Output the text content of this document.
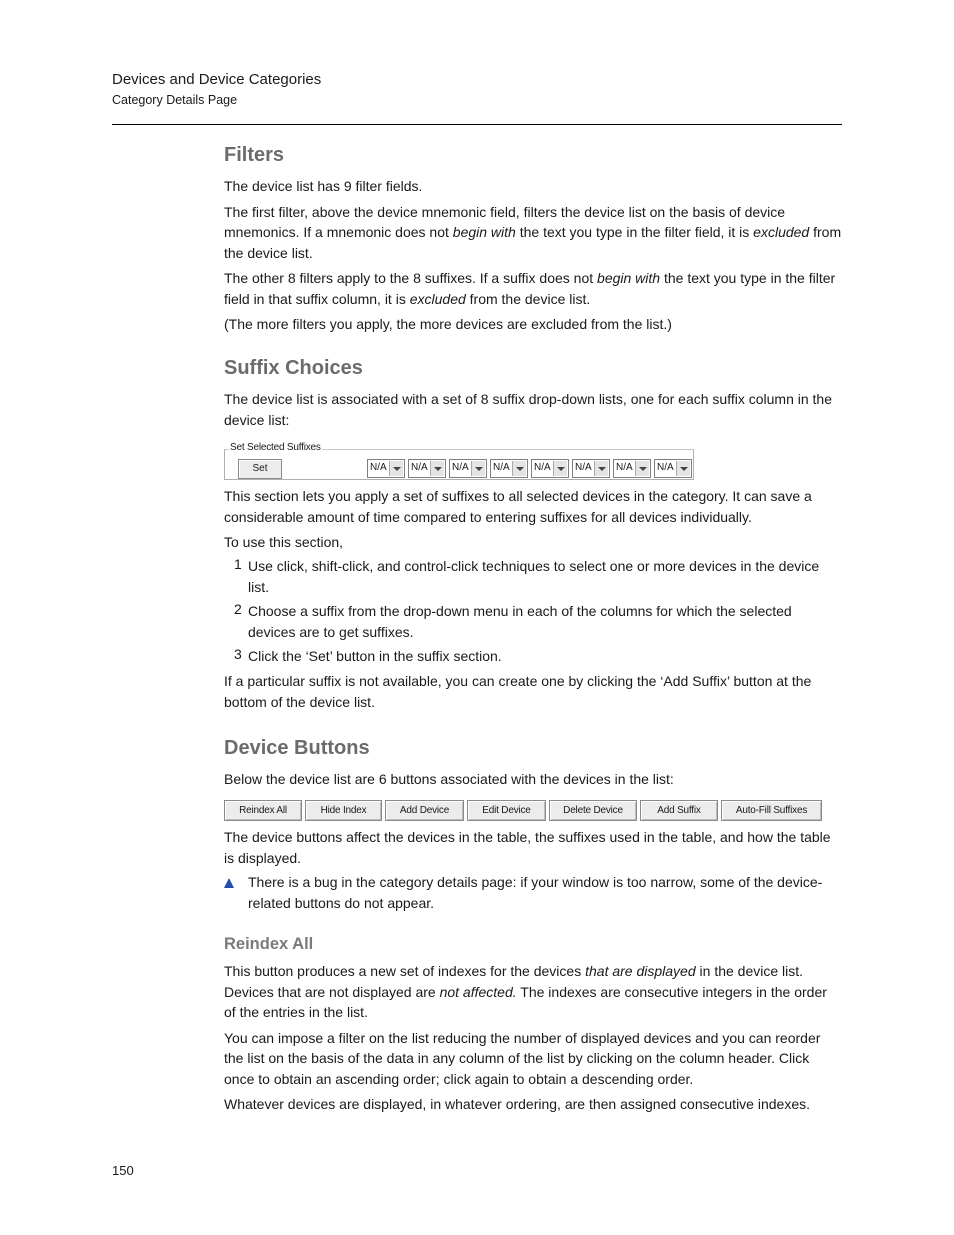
Devices and Device Categories
Category Details Page
Filters

The device list has 9 filter fields.

The first filter, above the device mnemonic field, filters the device list on the basis of device mnemonics. If a mnemonic does not begin with the text you type in the filter field, it is excluded from the device list.

The other 8 filters apply to the 8 suffixes. If a suffix does not begin with the text you type in the filter field in that suffix column, it is excluded from the device list.

(The more filters you apply, the more devices are excluded from the list.)

Suffix Choices
The device list is associated with a set of 8 suffix drop-down lists, one for each suffix column in the device list:
Set	N/A N/A N/A N/A N/A N/A N/A N/A
Set Selected Suffixes

This section lets you apply a set of suffixes to all selected devices in the category. It can save a considerable amount of time compared to entering suffixes for all devices individually.

To use this section,

1 Use click, shift-click, and control-click techniques to select one or more devices in the device list.
2 Choose a suffix from the drop-down menu in each of the columns for which the selected devices are to get suffixes.
3 Click the ‘Set’ button in the suffix section.
If a particular suffix is not available, you can create one by clicking the ‘Add Suffix’ button at the bottom of the device list.
Device Buttons
Below the device list are 6 buttons associated with the devices in the list:
Reindex All	Hide Index	Add Device	Edit Device	Delete Device	Add Suffix	Auto-Fill Suffixes
The device buttons affect the devices in the table, the suffixes used in the table, and how the table is displayed.
There is a bug in the category details page: if your window is too narrow, some of the device-related buttons do not appear.
Reindex All

This button produces a new set of indexes for the devices that are displayed in the device list. Devices that are not displayed are not affected. The indexes are consecutive integers in the order of the entries in the list.

You can impose a filter on the list reducing the number of displayed devices and you can reorder the list on the basis of the data in any column of the list by clicking on the column header. Click once to obtain an ascending order; click again to obtain a descending order.

Whatever devices are displayed, in whatever ordering, are then assigned consecutive indexes.

150
